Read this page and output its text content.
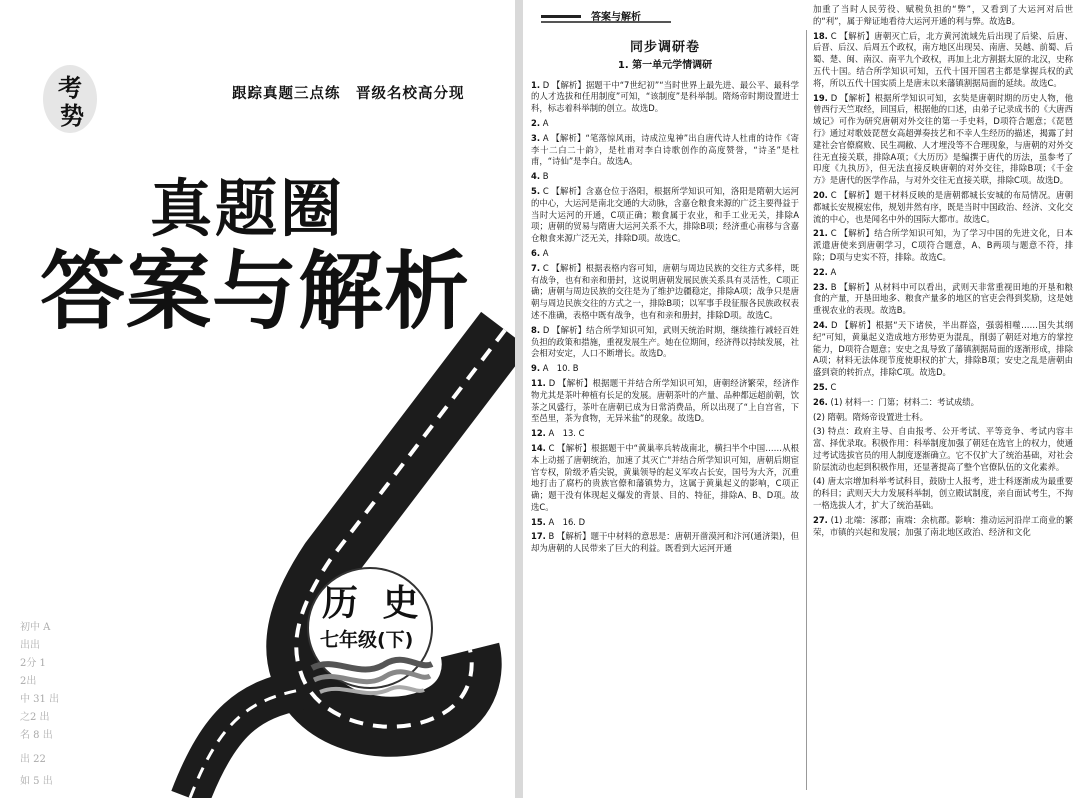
考
势
跟踪真题三点练　晋级名校高分现
真题圈
答案与解析
历 史
七年级(下)
初中 A
出出
2分 1
2出
中 31 出
之2 出
名 8 出
出 22
如 5 出
答案与解析
同步调研卷
1. 第一单元学情调研
1. D 【解析】据题干中“7世纪初”“当时世界上最先进、最公平、最科学的人才选拔和任用制度”可知，“该制度”是科举制。隋炀帝时期设置进士科，标志着科举制的创立。故选D。
2. A
3. A 【解析】“笔落惊风雨，诗成泣鬼神”出自唐代诗人杜甫的诗作《寄李十二白二十韵》，是杜甫对李白诗歌创作的高度赞誉，“诗圣”是杜甫，“诗仙”是李白。故选A。
4. B
5. C 【解析】含嘉仓位于洛阳，根据所学知识可知，洛阳是隋朝大运河的中心，大运河是南北交通的大动脉，含嘉仓粮食来源的广泛主要得益于当时大运河的开通，C项正确；粮食属于农业，和手工业无关，排除A项；唐朝的贸易与隋唐大运河关系不大，排除B项；经济重心南移与含嘉仓粮食来源广泛无关，排除D项。故选C。
6. A
7. C 【解析】根据表格内容可知，唐朝与周边民族的交往方式多样，既有战争，也有和亲和册封，这说明唐朝发展民族关系具有灵活性，C项正确；唐朝与周边民族的交往是为了维护边疆稳定，排除A项；战争只是唐朝与周边民族交往的方式之一，排除B项；以军事手段征服各民族政权表述不准确，表格中既有战争，也有和亲和册封，排除D项。故选C。
8. D 【解析】结合所学知识可知，武则天统治时期，继续推行减轻百姓负担的政策和措施，重视发展生产。她在位期间，经济得以持续发展，社会相对安定，人口不断增长。故选D。
9. A　10. B
11. D 【解析】根据题干并结合所学知识可知，唐朝经济繁荣，经济作物尤其是茶叶种植有长足的发展。唐朝茶叶的产量、品种都远超前朝，饮茶之风盛行，茶叶在唐朝已成为日常消费品，所以出现了“上自宫省，下至邑里，茶为食物，无异米盐”的现象。故选D。
12. A　13. C
14. C 【解析】根据题干中“黄巢率兵转战南北，横扫半个中国……从根本上动摇了唐朝统治，加速了其灭亡”并结合所学知识可知，唐朝后期宦官专权，阶级矛盾尖锐，黄巢领导的起义军攻占长安，国号为大齐，沉重地打击了腐朽的贵族官僚和藩镇势力，这属于黄巢起义的影响，C项正确；题干没有体现起义爆发的背景、目的、特征，排除A、B、D项。故选C。
15. A　16. D
17. B 【解析】题干中材料的意思是：唐朝开凿漠河和汴河(通济渠)，但却为唐朝的人民带来了巨大的利益。既看到大运河开通
加重了当时人民劳役、赋税负担的“弊”，又看到了大运河对后世的“利”，属于辩证地看待大运河开通的利与弊。故选B。
18. C 【解析】唐朝灭亡后，北方黄河流域先后出现了后梁、后唐、后晋、后汉、后周五个政权，南方地区出现吴、南唐、吴越、前蜀、后蜀、楚、闽、南汉、南平九个政权，再加上北方割据太原的北汉，史称五代十国。结合所学知识可知，五代十国开国君主都是掌握兵权的武将，所以五代十国实质上是唐末以来藩镇割据局面的延续。故选C。
19. D 【解析】根据所学知识可知，玄奘是唐朝时期的历史人物，他曾西行天竺取经，回国后，根据他的口述，由弟子记录成书的《大唐西域记》可作为研究唐朝对外交往的第一手史料，D项符合题意；《琵琶行》通过对歌妓琵琶女高超弹奏技艺和不幸人生经历的描述，揭露了封建社会官僚腐败、民生凋敝、人才埋没等不合理现象，与唐朝的对外交往无直接关联，排除A项；《大历历》是编撰于唐代的历法，虽参考了印度《九执历》，但无法直接反映唐朝的对外交往，排除B项；《千金方》是唐代的医学作品，与对外交往无直接关联，排除C项。故选D。
20. C 【解析】题干材料反映的是唐朝都城长安城的布局情况。唐朝都城长安规模宏伟，规划井然有序，既是当时中国政治、经济、文化交流的中心，也是闻名中外的国际大都市。故选C。
21. C 【解析】结合所学知识可知，为了学习中国的先进文化，日本派遣唐使来到唐朝学习，C项符合题意，A、B两项与题意不符，排除；D项与史实不符，排除。故选C。
22. A
23. B 【解析】从材料中可以看出，武则天非常重视田地的开垦和粮食的产量，开垦田地多、粮食产量多的地区的官吏会得到奖励，这是她重视农业的表现。故选B。
24. D 【解析】根据“天下诸侯，半出群盗，强弱相噬……国失其纲纪”可知，黄巢起义造成地方形势更为混乱，削弱了朝廷对地方的掌控能力，D项符合题意；安史之乱导致了藩镇割据局面的逐渐形成，排除A项；材料无法体现节度使职权的扩大，排除B项；安史之乱是唐朝由盛到衰的转折点，排除C项。故选D。
25. C
26. (1) 材料一：门第；材料二：考试成绩。
(2) 隋朝。隋炀帝设置进士科。
(3) 特点：政府主导、自由报考、公开考试、平等竞争、考试内容丰富、择优录取。积极作用：科举制度加强了朝廷在选官上的权力，使通过考试选拔官员的用人制度逐渐确立。它不仅扩大了统治基础，对社会阶层流动也起到积极作用，还显著提高了整个官僚队伍的文化素养。
(4) 唐太宗增加科举考试科目，鼓励士人报考，进士科逐渐成为最重要的科目；武则天大力发展科举制，创立殿试制度，亲自面试考生，不拘一格选拔人才，扩大了统治基础。
27. (1) 北端：涿郡；南端：余杭郡。影响：推动运河沿岸工商业的繁荣，市镇的兴起和发展；加强了南北地区政治、经济和文化
